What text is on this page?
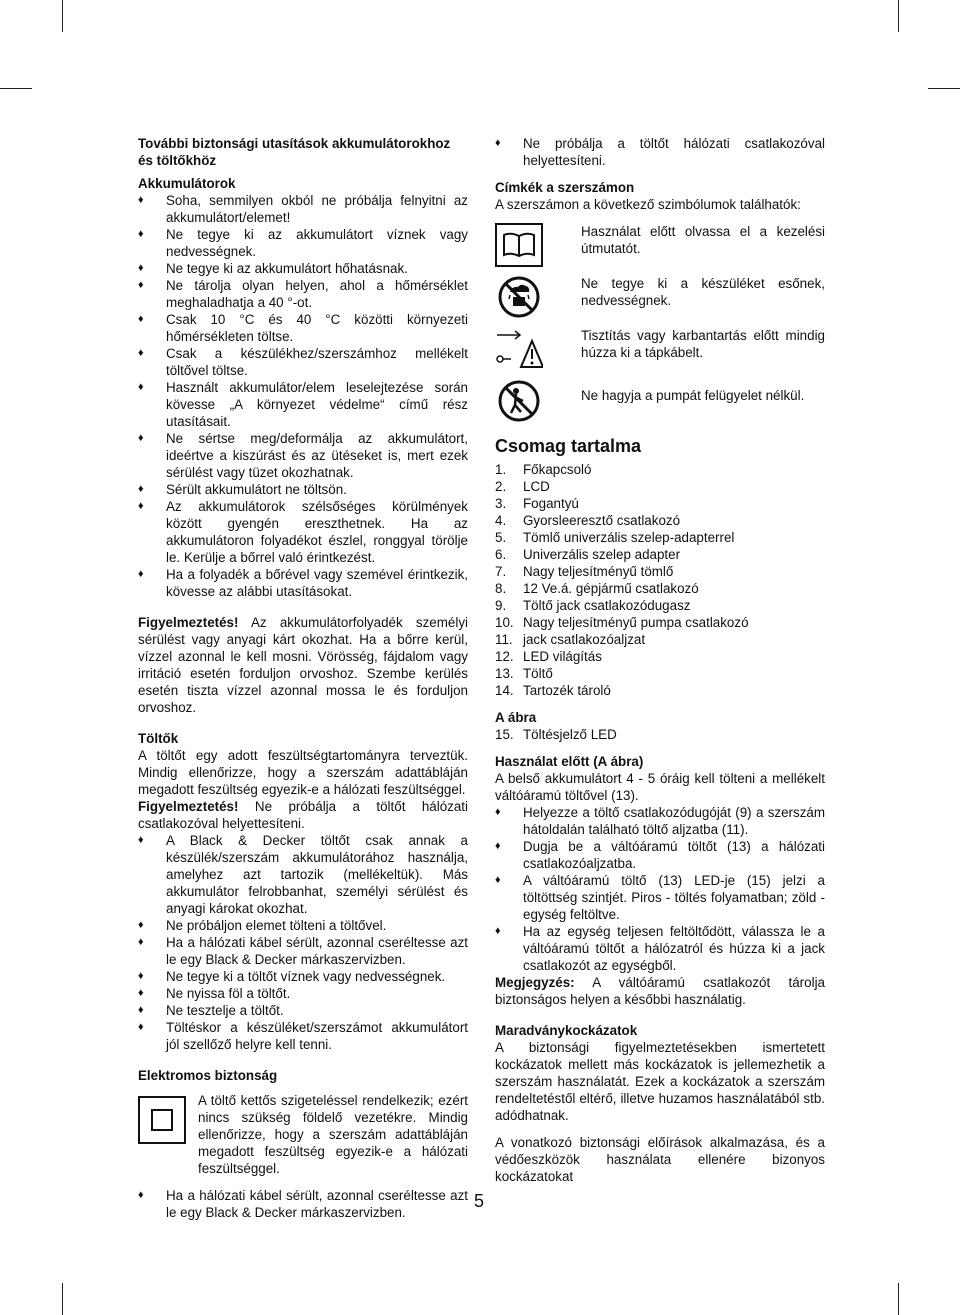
További biztonsági utasítások akkumulátorokhoz és töltőkhöz

Akkumulátorok

♦ Soha, semmilyen okból ne próbálja felnyitni az akkumulátort/elemet!
♦ Ne tegye ki az akkumulátort víznek vagy nedvességnek.
♦ Ne tegye ki az akkumulátort hőhatásnak.
♦ Ne tárolja olyan helyen, ahol a hőmérséklet meghaladhatja a 40 °-ot.
♦ Csak 10 °C és 40 °C közötti környezeti hőmérsékleten töltse.
♦ Csak a készülékhez/szerszámhoz mellékelt töltővel töltse.
♦ Használt akkumulátor/elem leselejtezése során kövesse „A környezet védelme“ című rész utasításait.
♦ Ne sértse meg/deformálja az akkumulátort, ideértve a kiszúrást és az ütéseket is, mert ezek sérülést vagy tüzet okozhatnak.
♦ Sérült akkumulátort ne töltsön.
♦ Az akkumulátorok szélsőséges körülmények között gyengén ereszthetnek. Ha az akkumulátoron folyadékot észlel, ronggyal törölje le. Kerülje a bőrrel való érintkezést.
♦ Ha a folyadék a bőrével vagy szemével érintkezik, kövesse az alábbi utasításokat.

Figyelmeztetés! Az akkumulátorfolyadék személyi sérülést vagy anyagi kárt okozhat. Ha a bőrre kerül, vízzel azonnal le kell mosni. Vörösség, fájdalom vagy irritáció esetén forduljon orvoshoz. Szembe kerülés esetén tiszta vízzel azonnal mossa le és forduljon orvoshoz.

Töltők

A töltőt egy adott feszültségtartományra terveztük. Mindig ellenőrizze, hogy a szerszám adattábláján megadott feszültség egyezik-e a hálózati feszültséggel.

Figyelmeztetés! Ne próbálja a töltőt hálózati csatlakozóval helyettesíteni.

♦ A Black & Decker töltőt csak annak a készülék/szerszám akkumulátorához használja, amelyhez azt tartozik (mellékeltük). Más akkumulátor felrobbanhat, személyi sérülést és anyagi károkat okozhat.
♦ Ne próbáljon elemet tölteni a töltővel.
♦ Ha a hálózati kábel sérült, azonnal cseréltesse azt le egy Black & Decker márkaszervizben.
♦ Ne tegye ki a töltőt víznek vagy nedvességnek.
♦ Ne nyissa föl a töltőt.
♦ Ne tesztelje a töltőt.
♦ Töltéskor a készüléket/szerszámot akkumulátort jól szellőző helyre kell tenni.

Elektromos biztonság

A töltő kettős szigeteléssel rendelkezik; ezért nincs szükség földelő vezetékre. Mindig ellenőrizze, hogy a szerszám adattábláján megadott feszültség egyezik-e a hálózati feszültséggel.

♦ Ha a hálózati kábel sérült, azonnal cseréltesse azt le egy Black & Decker márkaszervizben.
♦ Ne próbálja a töltőt hálózati csatlakozóval helyettesíteni.

Címkék a szerszámon

A szerszámon a következő szimbólumok találhatók:

Használat előtt olvassa el a kezelési útmutatót.

Ne tegye ki a készüléket esőnek, nedvességnek.

Tisztítás vagy karbantartás előtt mindig húzza ki a tápkábelt.

Ne hagyja a pumpát felügyelet nélkül.

Csomag tartalma

1.	Főkapcsoló
2.	LCD
3.	Fogantyú
4.	Gyorsleeresztő csatlakozó
5.	Tömlő univerzális szelep-adapterrel
6.	Univerzális szelep adapter
7.	Nagy teljesítményű tömlő
8.	12 Ve.á. gépjármű csatlakozó
9.	Töltő jack csatlakozódugasz
10. Nagy teljesítményű pumpa csatlakozó
11. jack csatlakozóaljzat
12. LED világítás
13. Töltő
14. Tartozék tároló

A ábra

15. Töltésjelző LED

Használat előtt (A ábra)

A belső akkumulátort 4 - 5 óráig kell tölteni a mellékelt váltóáramú töltővel (13).

♦ Helyezze a töltő csatlakozódugóját (9) a szerszám hátoldalán található töltő aljzatba (11).
♦ Dugja be a váltóáramú töltőt (13) a hálózati csatlakozóaljzatba.
♦ A váltóáramú töltő (13) LED-je (15) jelzi a töltöttség szintjét. Piros - töltés folyamatban; zöld - egység feltöltve.
♦ Ha az egység teljesen feltöltődött, válassza le a váltóáramú töltőt a hálózatról és húzza ki a jack csatlakozót az egységből.

Megjegyzés: A váltóáramú csatlakozót tárolja biztonságos helyen a későbbi használatig.

Maradványkockázatok

A biztonsági figyelmeztetésekben ismertetett kockázatok mellett más kockázatok is jellemezhetik a szerszám használatát. Ezek a kockázatok a szerszám rendeltetéstől eltérő, illetve huzamos használatából stb. adódhatnak.

A vonatkozó biztonsági előírások alkalmazása, és a védőeszközök használata ellenére bizonyos kockázatokat

5
